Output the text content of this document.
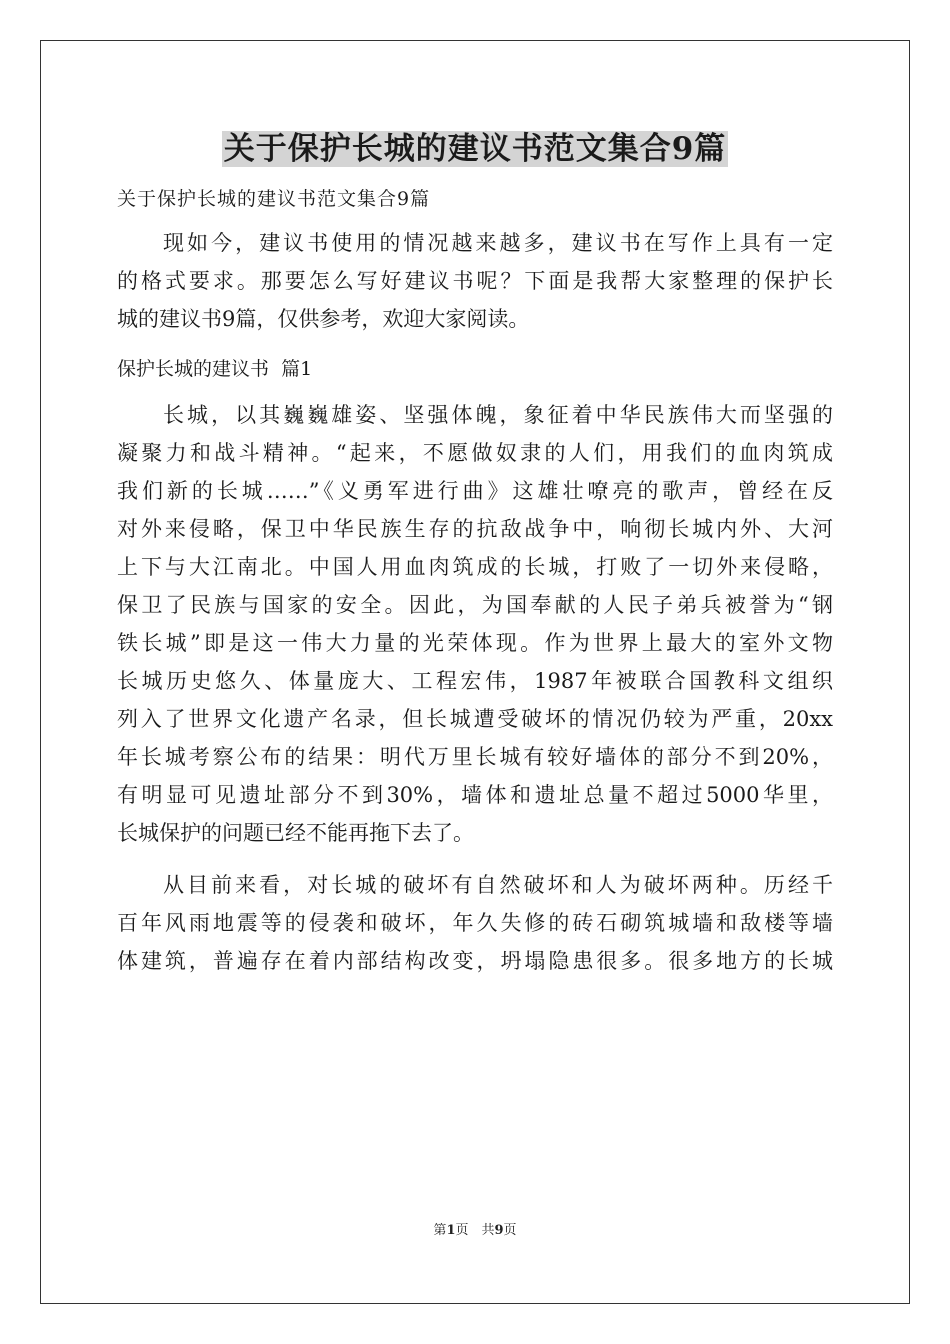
关于保护长城的建议书范文集合9篇
关于保护长城的建议书范文集合9篇
现如今，建议书使用的情况越来越多，建议书在写作上具有一定
的格式要求。那要怎么写好建议书呢？下面是我帮大家整理的保护长
城的建议书9篇，仅供参考，欢迎大家阅读。
保护长城的建议书  篇1
长城，以其巍巍雄姿、坚强体魄，象征着中华民族伟大而坚强的
凝聚力和战斗精神。“起来，不愿做奴隶的人们，用我们的血肉筑成
我们新的长城……”《义勇军进行曲》这雄壮嘹亮的歌声，曾经在反
对外来侵略，保卫中华民族生存的抗敌战争中，响彻长城内外、大河
上下与大江南北。中国人用血肉筑成的长城，打败了一切外来侵略，
保卫了民族与国家的安全。因此，为国奉献的人民子弟兵被誉为“钢
铁长城”即是这一伟大力量的光荣体现。作为世界上最大的室外文物
长城历史悠久、体量庞大、工程宏伟，1987年被联合国教科文组织
列入了世界文化遗产名录，但长城遭受破坏的情况仍较为严重，20xx
年长城考察公布的结果：明代万里长城有较好墙体的部分不到20%，
有明显可见遗址部分不到30%，墙体和遗址总量不超过5000华里，
长城保护的问题已经不能再拖下去了。
从目前来看，对长城的破坏有自然破坏和人为破坏两种。历经千
百年风雨地震等的侵袭和破坏，年久失修的砖石砌筑城墙和敌楼等墙
体建筑，普遍存在着内部结构改变，坍塌隐患很多。很多地方的长城
第1页　共9页
